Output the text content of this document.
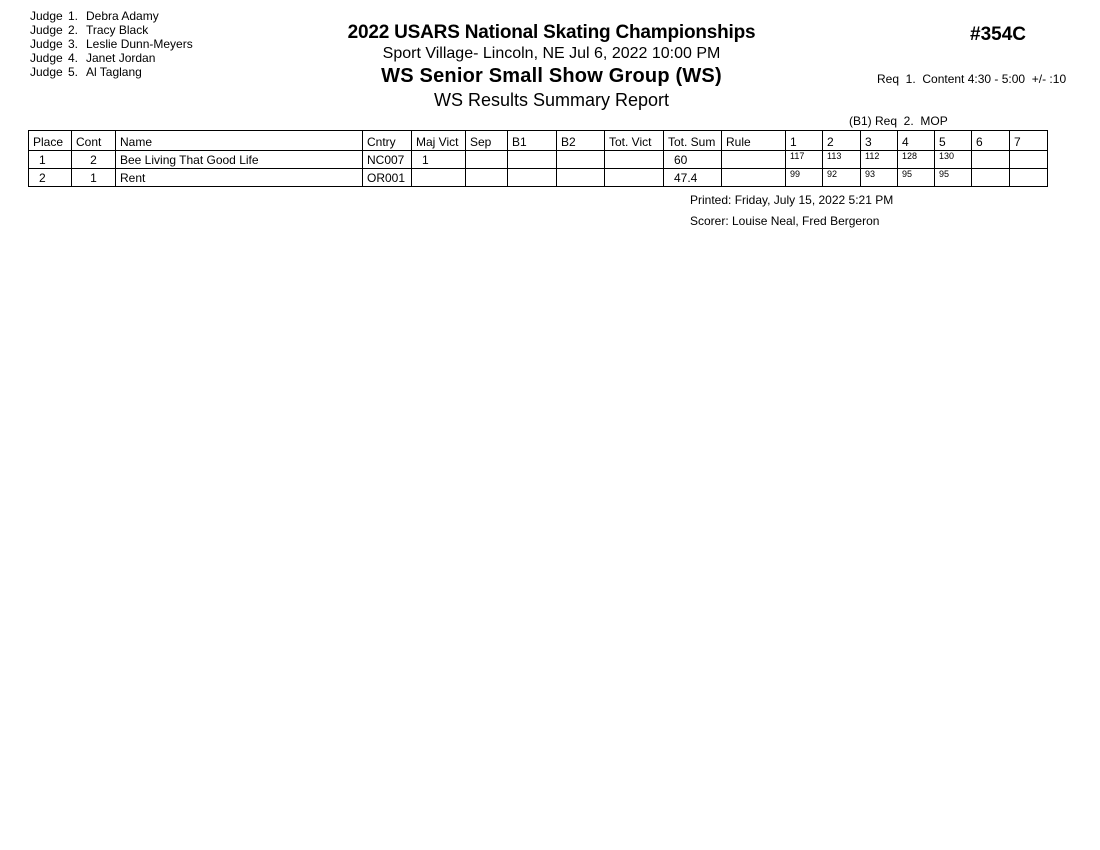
Judge 1. Debra Adamy
Judge 2. Tracy Black
Judge 3. Leslie Dunn-Meyers
Judge 4. Janet Jordan
Judge 5. Al Taglang
2022 USARS National Skating Championships
Sport Village- Lincoln, NE Jul 6, 2022 10:00 PM
WS Senior Small Show Group (WS)
WS Results Summary Report
#354C

Req  1.  Content 4:30 - 5:00  +/- :10

(B1) Req  2.  MOP

Place	Cont	Name	Cntry	Maj Vict	Sep	B1	B2	Tot. Vict	Tot. Sum	Rule	1	2	3	4	5	6	7
1	2	Bee Living That Good Life	NC007	1					60		117	113	112	128	130		
2	1	Rent	OR001						47.4		99	92	93	95	95		
Printed: Friday, July 15, 2022 5:21 PM
Scorer: Louise Neal, Fred Bergeron
